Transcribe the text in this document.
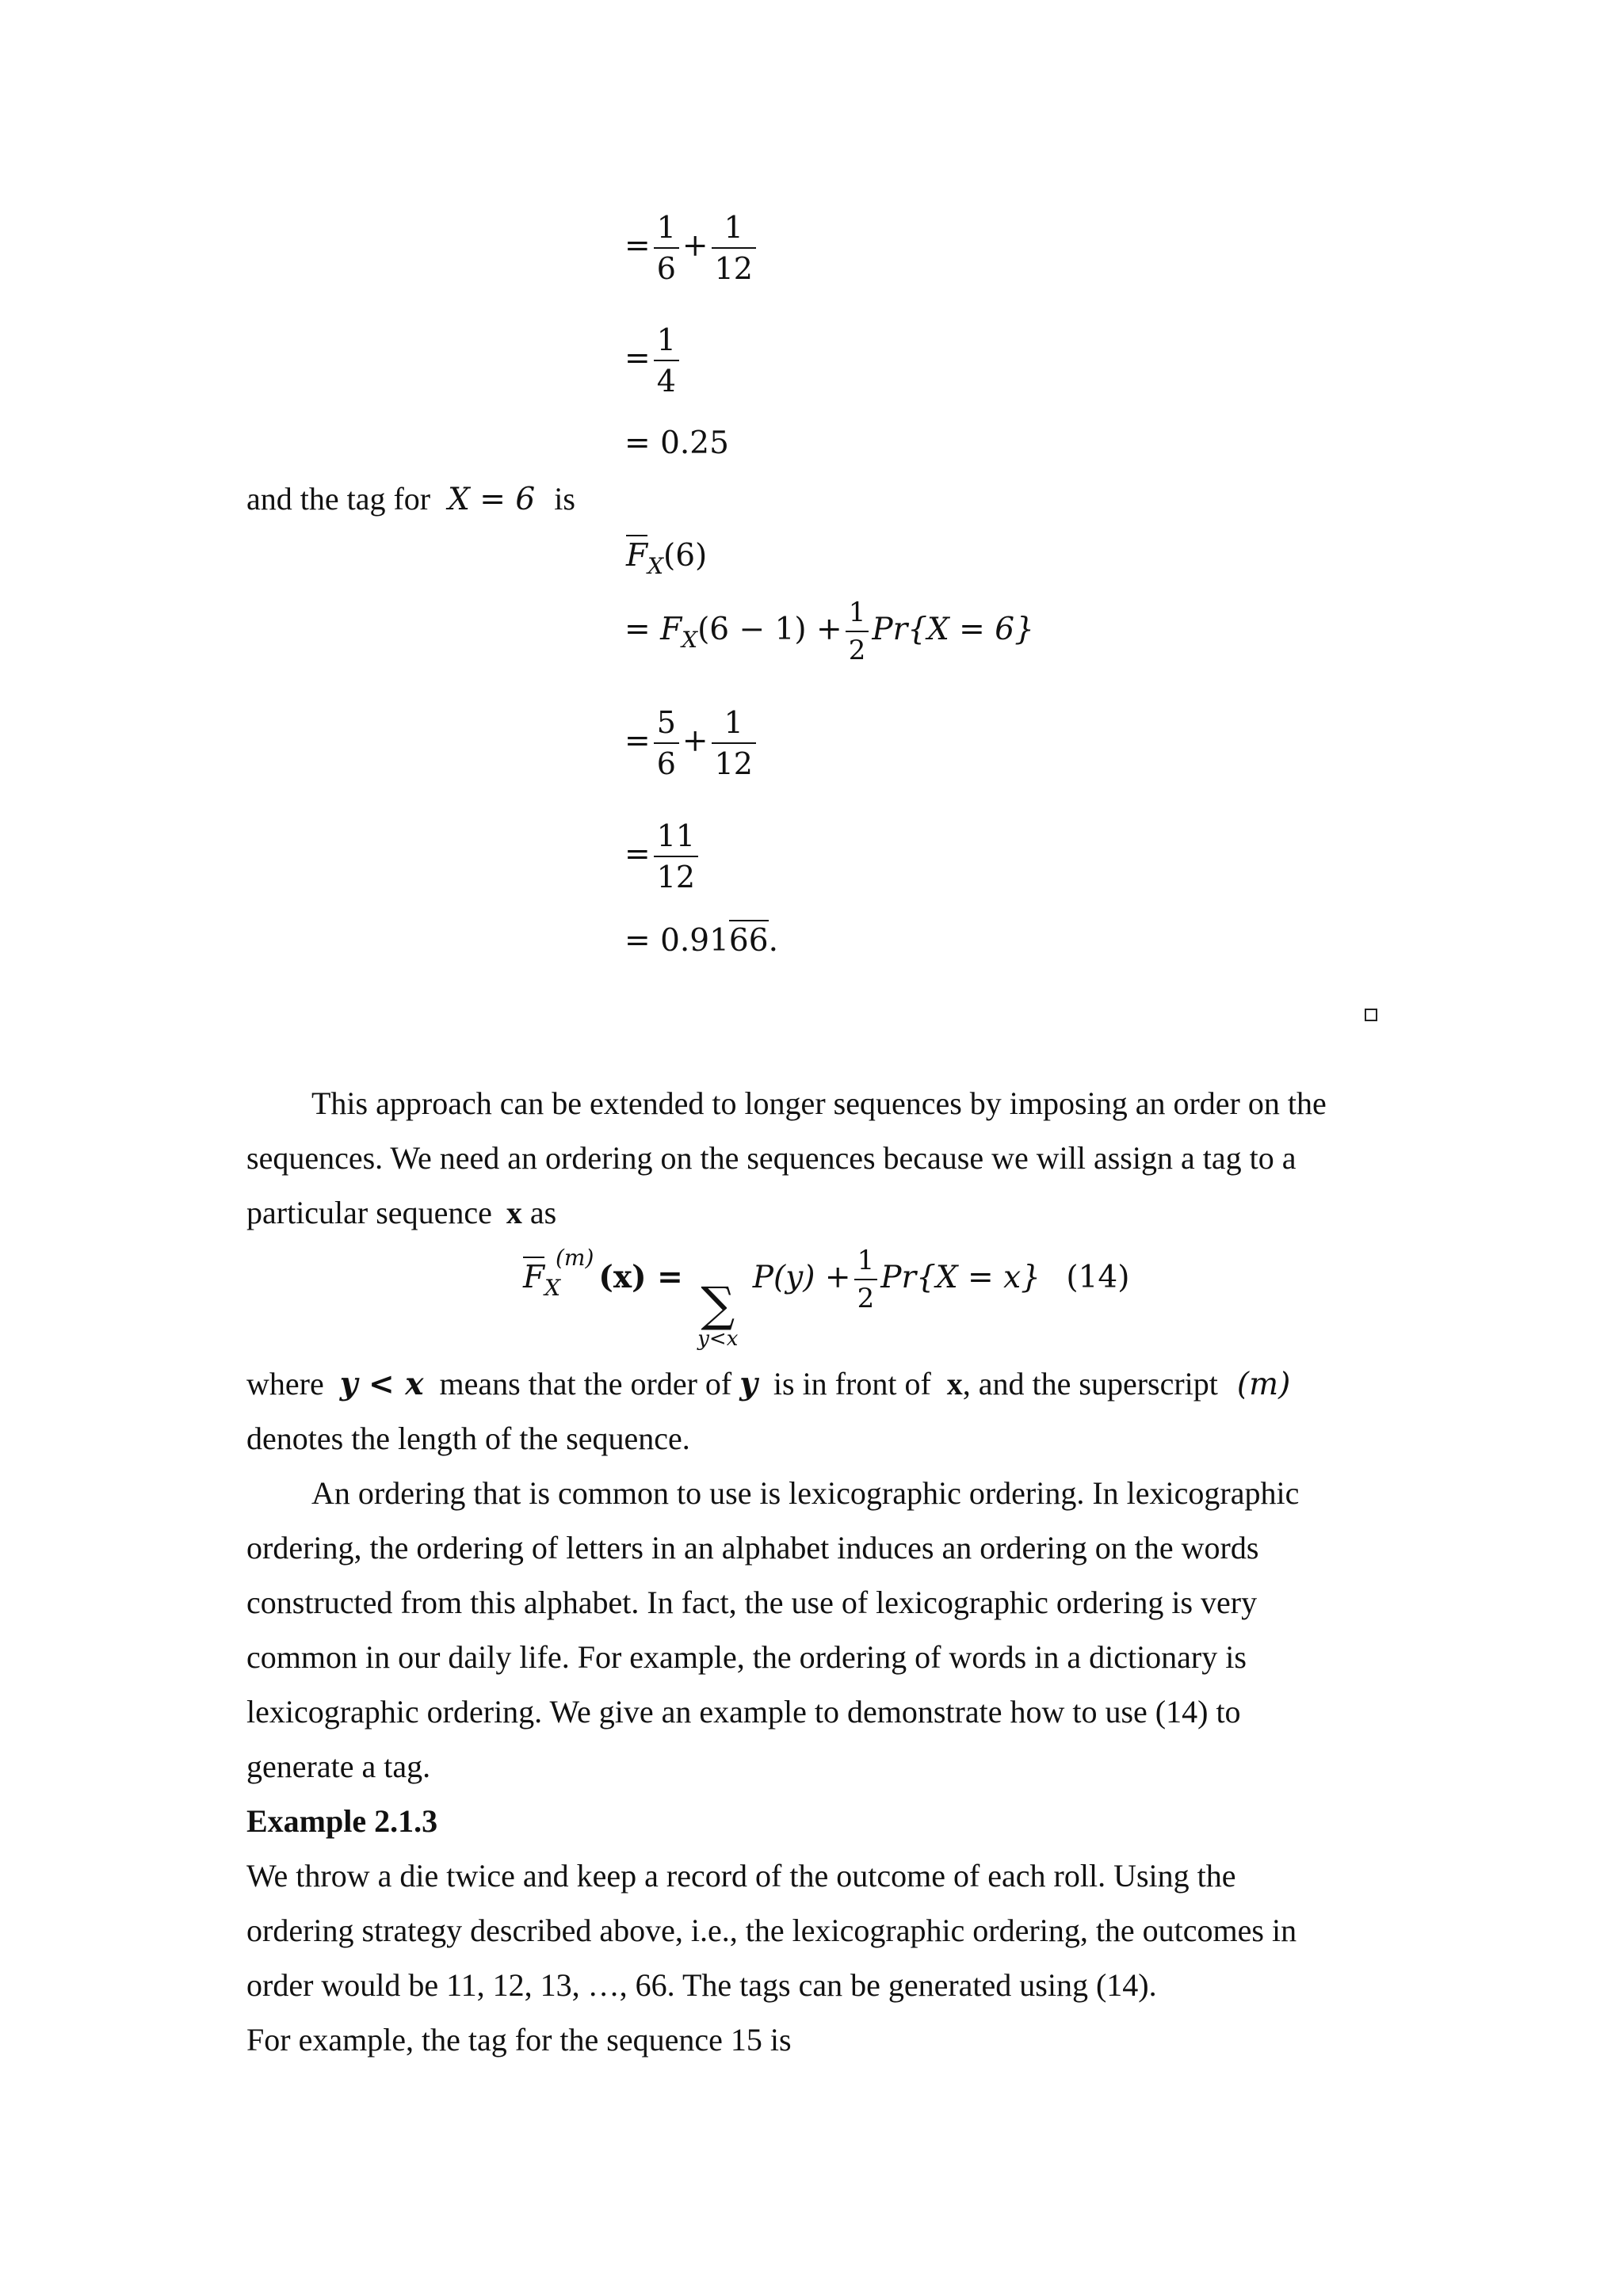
= $\frac{1}{6} + \frac{1}{12}$
= $\frac{1}{4}$
= 0.25
and the tag for X = 6 is
$F_X(6)$
= $F_X(6 - 1) + \frac{1}{2} Pr\{X = 6\}$
= $\frac{5}{6} + \frac{1}{12}$
= $\frac{11}{12}$
= 0.9166.
This approach can be extended to longer sequences by imposing an order on the
sequences. We need an ordering on the sequences because we will assign a tag to a
particular sequence x as
$F_X^{(m)}(x)$ = ∑
y<x
$P(y) + \frac{1}{2} Pr\{X = x\}$ (14)
where y < x means that the order of y is in front of x, and the superscript (m)
denotes the length of the sequence.
An ordering that is common to use is lexicographic ordering. In lexicographic
ordering, the ordering of letters in an alphabet induces an ordering on the words
constructed from this alphabet. In fact, the use of lexicographic ordering is very
common in our daily life. For example, the ordering of words in a dictionary is
lexicographic ordering. We give an example to demonstrate how to use (14) to
generate a tag.
Example 2.1.3
We throw a die twice and keep a record of the outcome of each roll. Using the
ordering strategy described above, i.e., the lexicographic ordering, the outcomes in
order would be 11, 12, 13, …, 66. The tags can be generated using (14).
For example, the tag for the sequence 15 is
